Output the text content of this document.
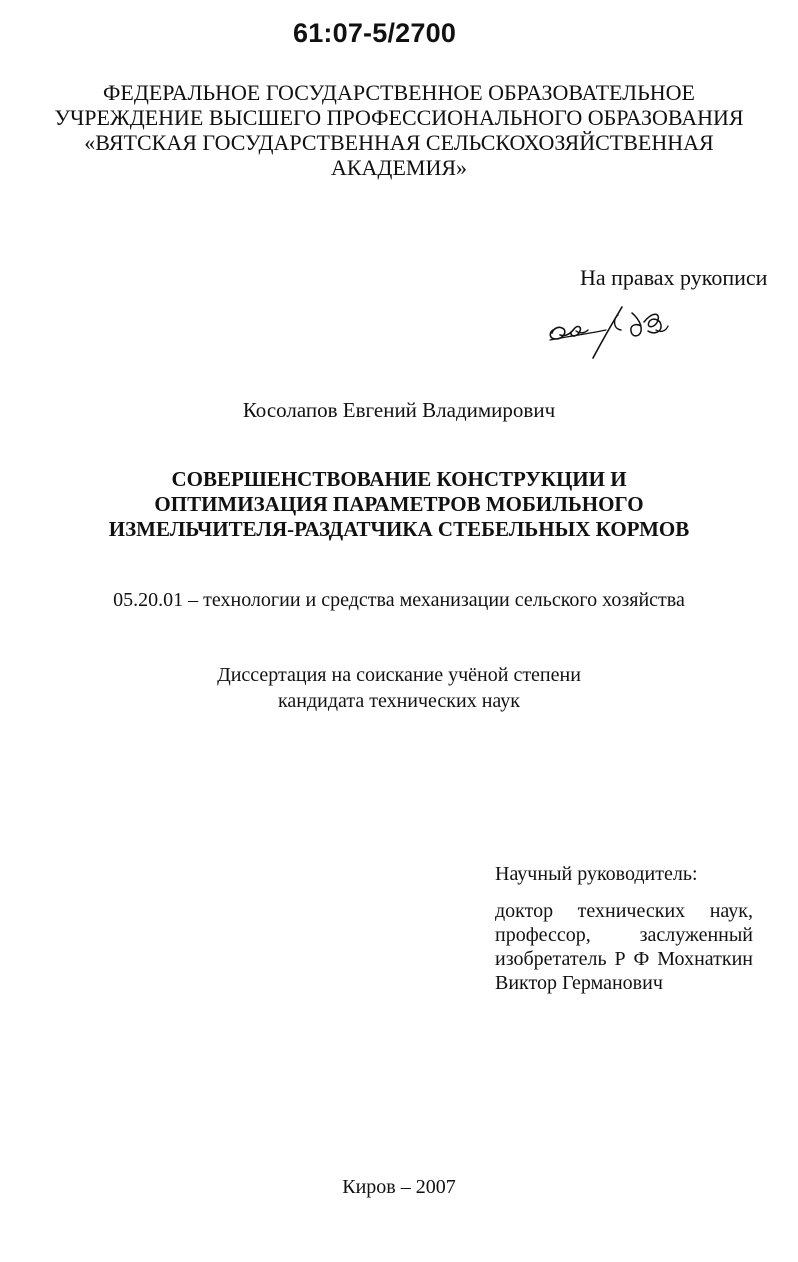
61:07-5/2700
ФЕДЕРАЛЬНОЕ ГОСУДАРСТВЕННОЕ ОБРАЗОВАТЕЛЬНОЕ
УЧРЕЖДЕНИЕ ВЫСШЕГО ПРОФЕССИОНАЛЬНОГО ОБРАЗОВАНИЯ
«ВЯТСКАЯ ГОСУДАРСТВЕННАЯ СЕЛЬСКОХОЗЯЙСТВЕННАЯ
АКАДЕМИЯ»
На правах рукописи
Косолапов Евгений Владимирович
СОВЕРШЕНСТВОВАНИЕ КОНСТРУКЦИИ И
ОПТИМИЗАЦИЯ ПАРАМЕТРОВ МОБИЛЬНОГО
ИЗМЕЛЬЧИТЕЛЯ-РАЗДАТЧИКА СТЕБЕЛЬНЫХ КОРМОВ
05.20.01 – технологии и средства механизации сельского хозяйства
Диссертация на соискание учёной степени
кандидата технических наук
Научный руководитель:
доктор технических наук,
профессор, заслуженный
изобретатель Р Ф Мохнаткин
Виктор Германович
Киров – 2007
